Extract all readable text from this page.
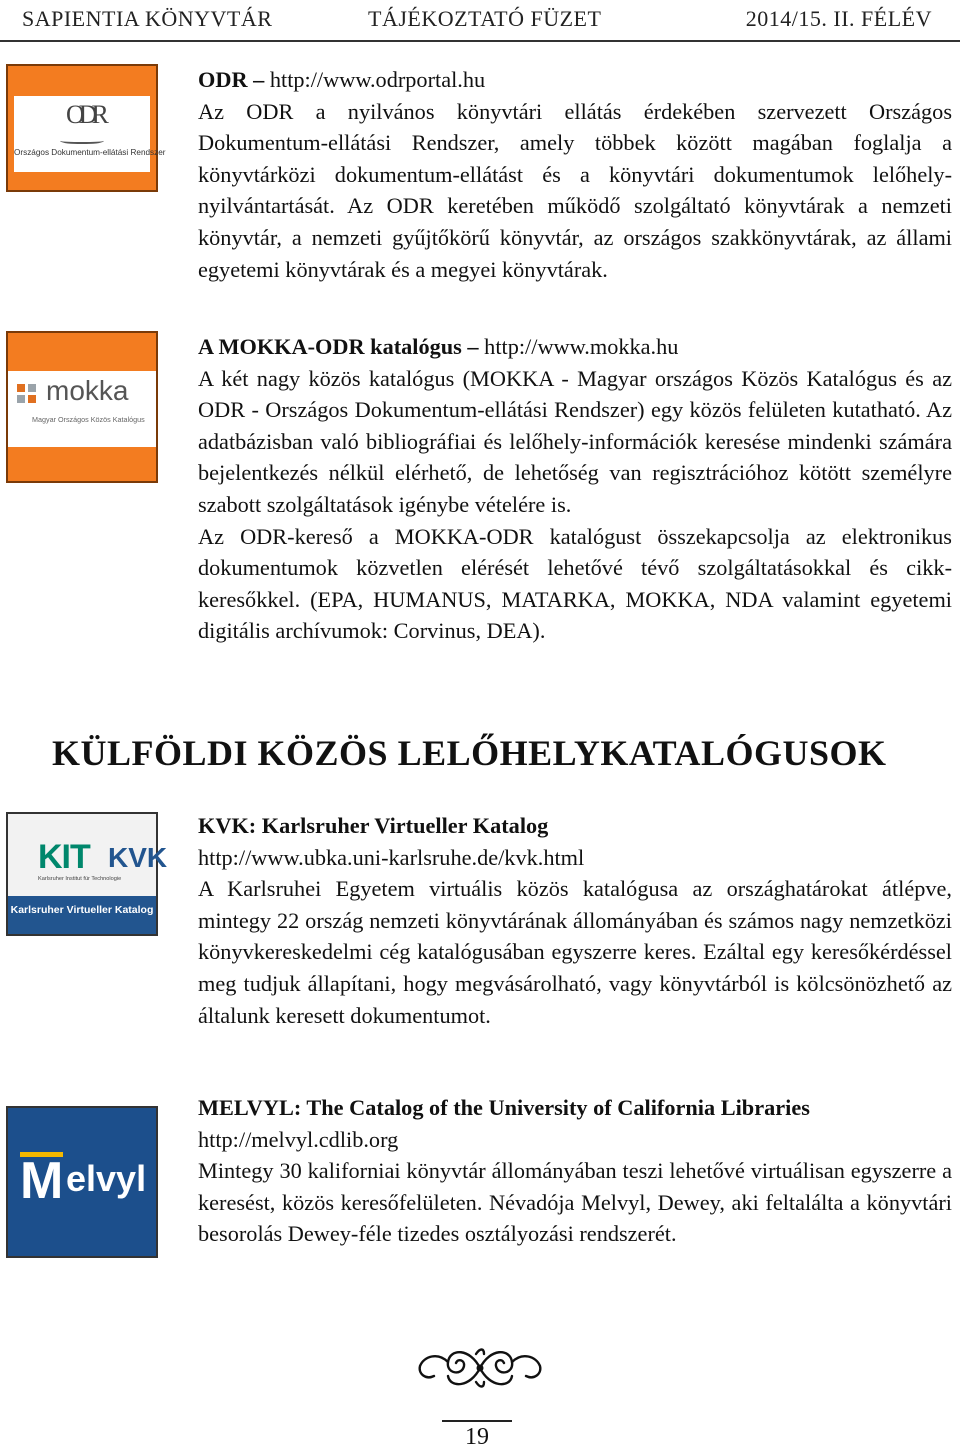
SAPIENTIA KÖNYVTÁR	TÁJÉKOZTATÓ FÜZET	2014/15. II. FÉLÉV
ODR
Országos Dokumentum-ellátási Rendszer

ODR – http://www.odrportal.hu

Az ODR a nyilvános könyvtári ellátás érdekében szervezett Országos Dokumentum-ellátási Rendszer, amely többek között magában foglalja a könyvtárközi dokumentum-ellátást és a könyvtári dokumentumok lelőhely-nyilvántartását. Az ODR keretében működő szolgáltató könyvtárak a nemzeti könyvtár, a nemzeti gyűjtőkörű könyvtár, az országos szakkönyvtárak, az állami egyetemi könyvtárak és a megyei könyvtárak.

mokka
Magyar Országos Közös Katalógus

A MOKKA-ODR katalógus – http://www.mokka.hu

A két nagy közös katalógus (MOKKA - Magyar országos Közös Katalógus és az ODR - Országos Dokumentum-ellátási Rendszer) egy közös felületen kutatható. Az adatbázisban való bibliográfiai és lelőhely-információk keresése mindenki számára bejelentkezés nélkül elérhető, de lehetőség van regisztrációhoz kötött személyre szabott szolgáltatások igénybe vételére is.

Az ODR-kereső a MOKKA-ODR katalógust összekapcsolja az elektronikus dokumentumok közvetlen elérését lehetővé tévő szolgáltatásokkal és cikk-keresőkkel. (EPA, HUMANUS, MATARKA, MOKKA, NDA valamint egyetemi digitális archívumok: Corvinus, DEA).

KÜLFÖLDI KÖZÖS LELŐHELYKATALÓGUSOK
KIT KVK
Karlsruher Institut für Technologie
Karlsruher Virtueller Katalog

KVK: Karlsruher Virtueller Katalog

http://www.ubka.uni-karlsruhe.de/kvk.html

A Karlsruhei Egyetem virtuális közös katalógusa az országhatárokat átlépve, mintegy 22 ország nemzeti könyvtárának állományában és számos nagy nemzetközi könyvkereskedelmi cég katalógusában egyszerre keres. Ezáltal egy keresőkérdéssel meg tudjuk állapítani, hogy megvásárolható, vagy könyvtárból is kölcsönözhető az általunk keresett dokumentumot.

M elvyl

MELVYL: The Catalog of the University of California Libraries

http://melvyl.cdlib.org

Mintegy 30 kaliforniai könyvtár állományában teszi lehetővé virtuálisan egyszerre a keresést, közös keresőfelületen. Névadója Melvyl, Dewey, aki feltalálta a könyvtári besorolás Dewey-féle tizedes osztályozási rendszerét.

19
